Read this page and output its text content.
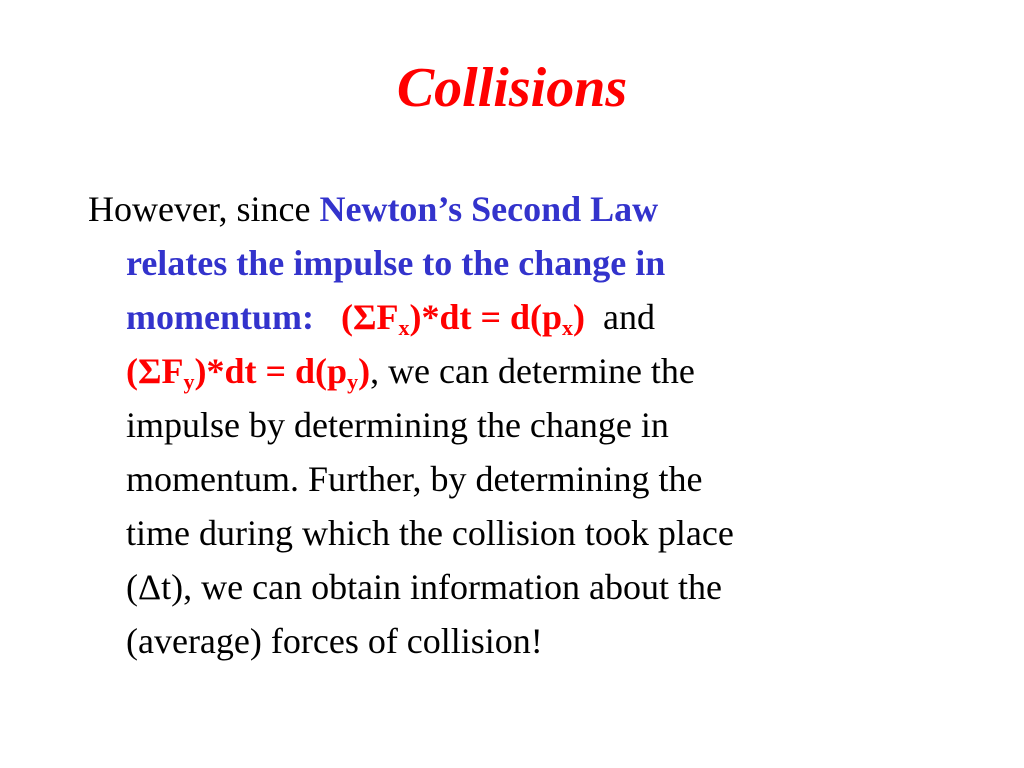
Collisions

However, since Newton’s Second Law
relates the impulse to the change in
momentum: $(\Sigma F_x)*dt = d(p_x)$ and
$(\Sigma F_y)*dt = d(p_y)$, we can determine the
impulse by determining the change in
momentum. Further, by determining the
time during which the collision took place
(Δt), we can obtain information about the
(average) forces of collision!
